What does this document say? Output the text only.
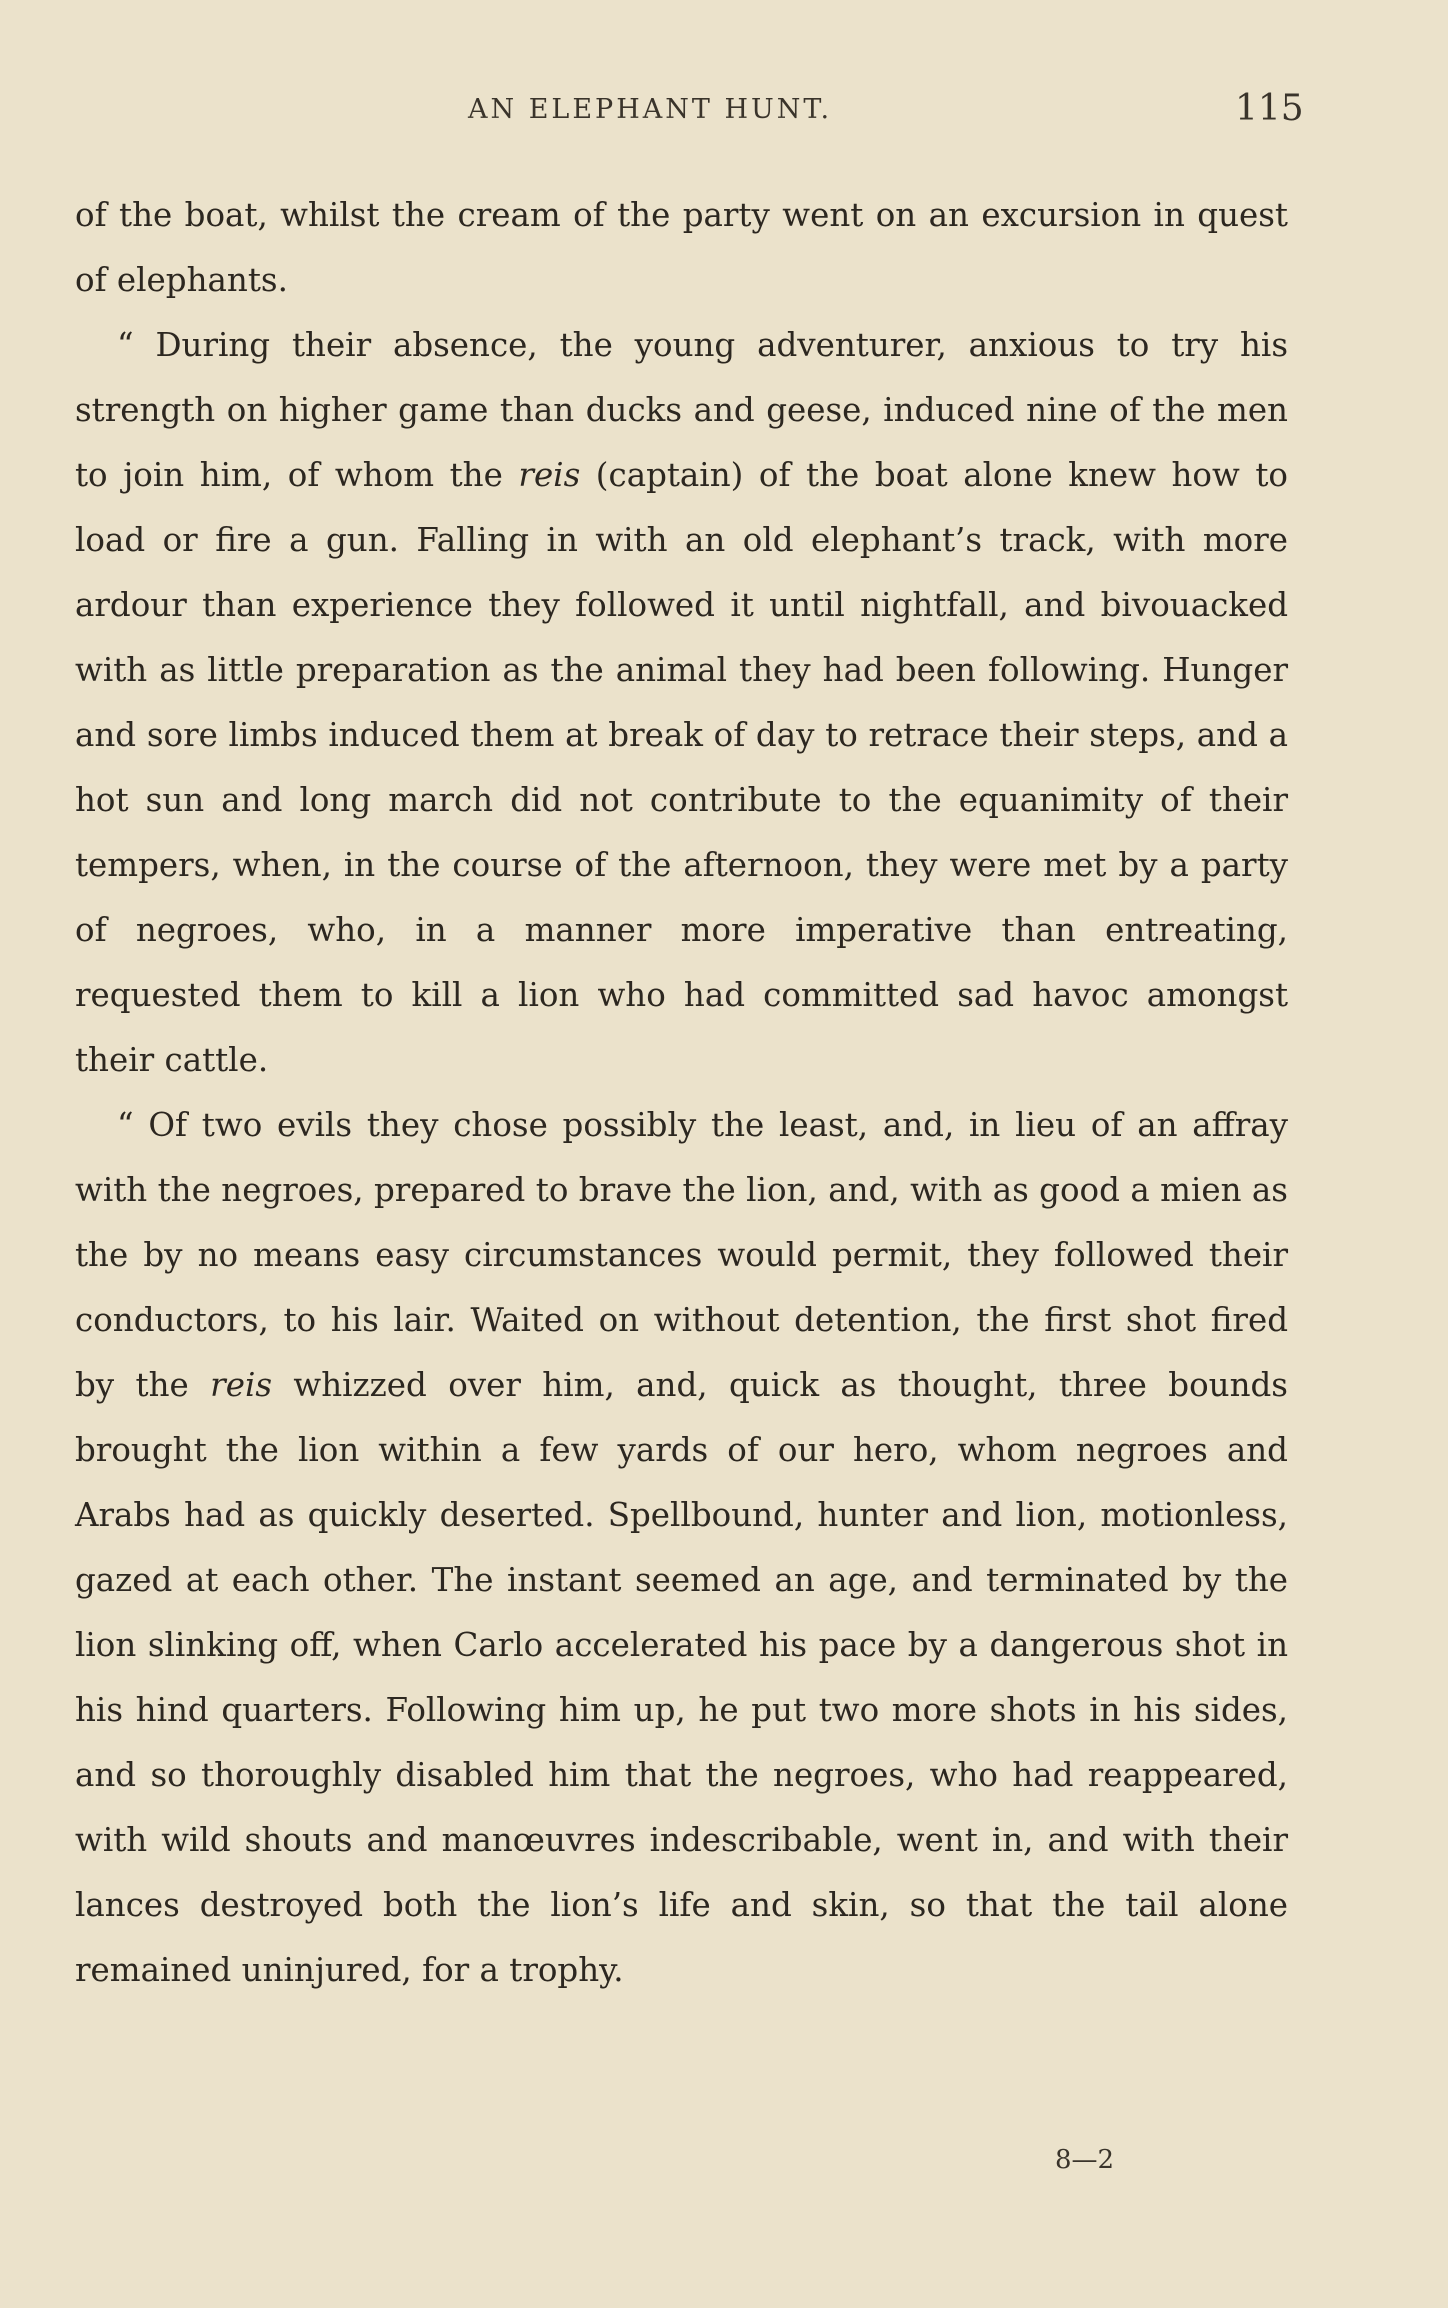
AN ELEPHANT HUNT.	115

of the boat, whilst the cream of the party went on an excursion in quest of elephants.

“ During their absence, the young adventurer, anxious to try his strength on higher game than ducks and geese, induced nine of the men to join him, of whom the reis (captain) of the boat alone knew how to load or fire a gun. Falling in with an old elephant’s track, with more ardour than experience they followed it until nightfall, and bivouacked with as little preparation as the animal they had been following. Hunger and sore limbs induced them at break of day to retrace their steps, and a hot sun and long march did not contribute to the equanimity of their tempers, when, in the course of the afternoon, they were met by a party of negroes, who, in a manner more imperative than entreating, requested them to kill a lion who had committed sad havoc amongst their cattle.

“ Of two evils they chose possibly the least, and, in lieu of an affray with the negroes, prepared to brave the lion, and, with as good a mien as the by no means easy circumstances would permit, they followed their conductors, to his lair. Waited on without detention, the first shot fired by the reis whizzed over him, and, quick as thought, three bounds brought the lion within a few yards of our hero, whom negroes and Arabs had as quickly deserted. Spellbound, hunter and lion, motionless, gazed at each other. The instant seemed an age, and terminated by the lion slinking off, when Carlo accelerated his pace by a dangerous shot in his hind quarters. Following him up, he put two more shots in his sides, and so thoroughly disabled him that the negroes, who had reappeared, with wild shouts and manœuvres indescribable, went in, and with their lances destroyed both the lion’s life and skin, so that the tail alone remained uninjured, for a trophy.

8—2
